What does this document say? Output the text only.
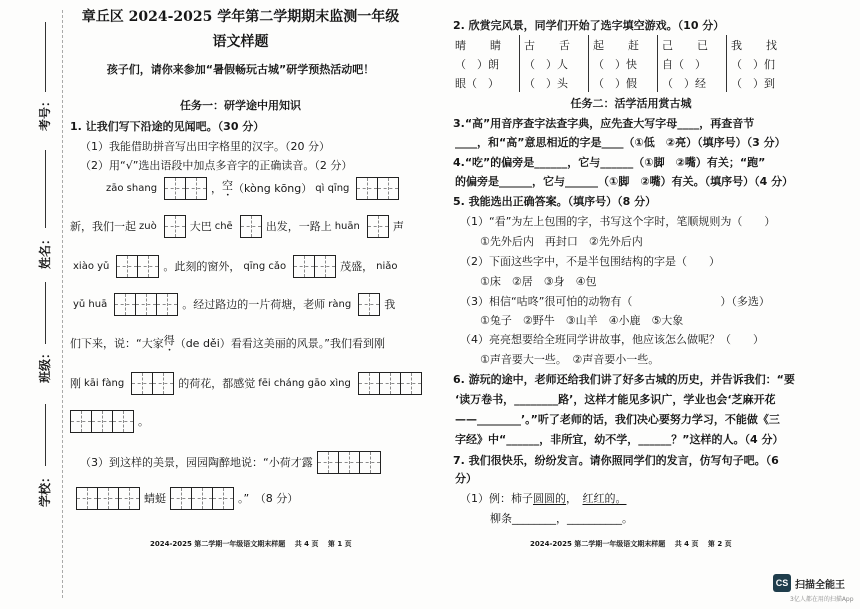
考号：
姓名：
班级：
学校：
章丘区 2024-2025 学年第二学期期末监测一年级
语文样题
孩子们，请你来参加“暑假畅玩古城”研学预热活动吧！
任务一：研学途中用知识
1. 让我们写下沿途的见闻吧。（30 分）
（1）我能借助拼音写出田字格里的汉字。（20 分）
（2）用“√”选出语段中加点多音字的正确读音。（2 分）
zāo shang	， 空 （kòng kōng） qì qīng
新，我们一起 zuò	大巴 chē	出发，一路上 huān	声
xiào yǔ	。此刻的窗外， qīng cǎo	茂盛， niǎo
yǔ huā	。经过路边的一片荷塘，老师 ràng	我
们下来，说：“大家 得 （de děi）看看这美丽的风景。”我们看到刚
刚 kāi fàng	的荷花，都感觉 fēi cháng gāo xìng
。
（3）到这样的美景，园园陶醉地说：“小荷才露
蜻蜓	。”　（8 分）
2024-2025 第二学期一年级语文期末样题　 共 4 页　 第 1 页
2. 欣赏完风景，同学们开始了选字填空游戏。（10 分）
晴 睛	古 舌	起 赶	己 已	我 找

（　）朗	（　）人	（　）快	自（　）	（　）们
眼（　）	（　）头	（　）假	（　）经	（　）到
任务二：活学活用赏古城
3.“高”用音序查字法查字典，应先查大写字母____，再查音节
____，和“高”意思相近的字是____（①低　②亮）（填序号）（3 分）
4.“吃”的偏旁是______，它与______（①脚　②嘴）有关；“跑”
的偏旁是______，它与______（①脚　②嘴）有关。（填序号）（4 分）
5. 我能选出正确答案。（填序号）（8 分）
（1）“看”为左上包围的字，书写这个字时，笔顺规则为（　　）
①先外后内　再封口　②先外后内
（2）下面这些字中，不是半包围结构的字是（　　）
①床　②居　③身　④包
（3）相信“咕咚”很可怕的动物有（　　　　　　　　）（多选）
①兔子　②野牛　③山羊　④小鹿　⑤大象
（4）亮亮想要给全班同学讲故事，他应该怎么做呢？（　　）
①声音要大一些。　②声音要小一些。
6. 游玩的途中，老师还给我们讲了好多古城的历史，并告诉我们：“要
‘读万卷书，________路’，这样才能见多识广，学业也会‘芝麻开花
——________’。”听了老师的话，我们决心要努力学习，不能做《三
字经》中“______，非所宜，幼不学，______？”这样的人。（4 分）
7. 我们很快乐，纷纷发言。请你照同学们的发言，仿写句子吧。（6
分）
（1）例：柿子圆圆的，　 红红的。
柳条________，__________。
2024-2025 第二学期一年级语文期末样题　 共 4 页　 第 2 页
CS 扫描全能王
3亿人都在用的扫描App
